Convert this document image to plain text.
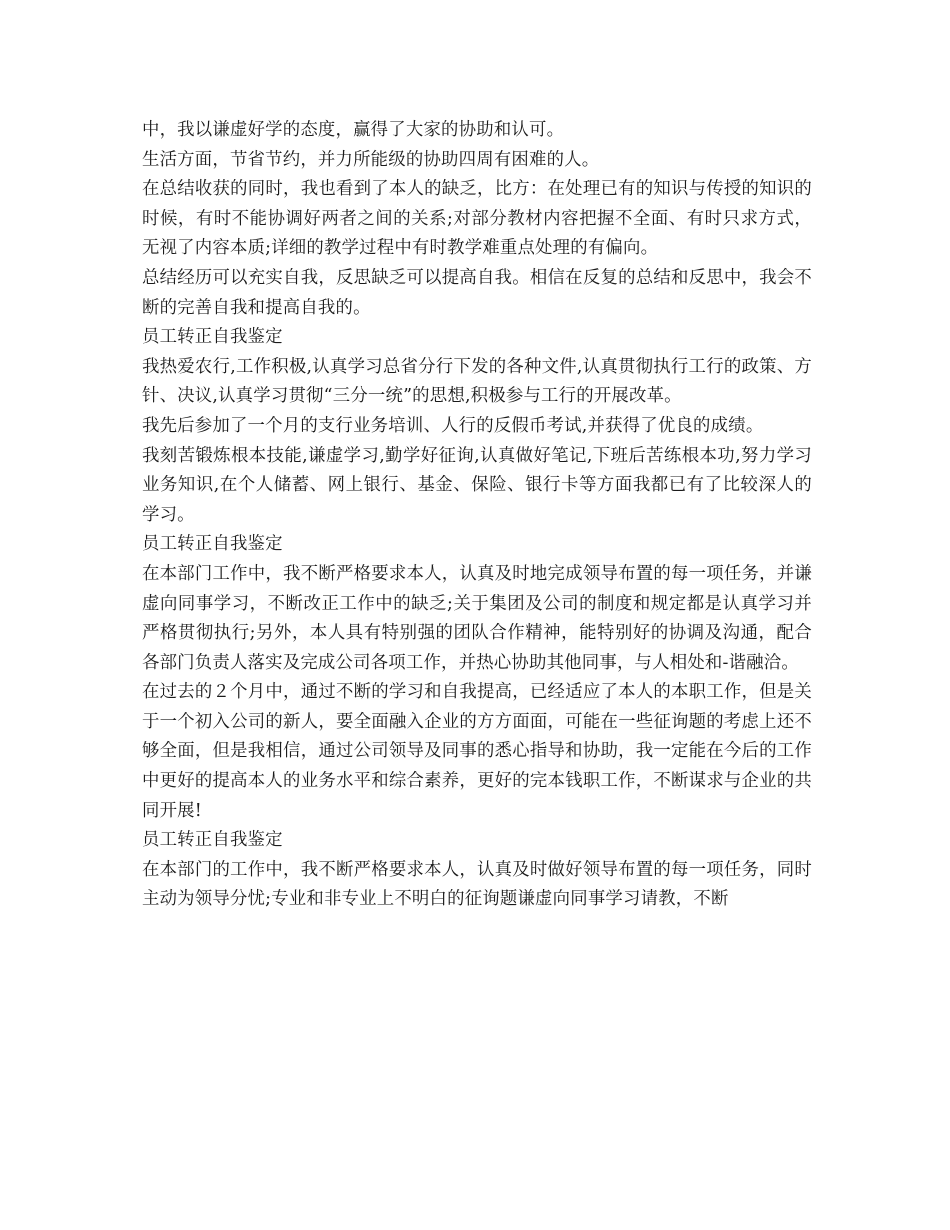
中，我以谦虚好学的态度，赢得了大家的协助和认可。

生活方面，节省节约，并力所能级的协助四周有困难的人。

在总结收获的同时，我也看到了本人的缺乏，比方：在处理已有的知识与传授的知识的时候，有时不能协调好两者之间的关系;对部分教材内容把握不全面、有时只求方式，无视了内容本质;详细的教学过程中有时教学难重点处理的有偏向。

总结经历可以充实自我，反思缺乏可以提高自我。相信在反复的总结和反思中，我会不断的完善自我和提高自我的。

员工转正自我鉴定

我热爱农行,工作积极,认真学习总省分行下发的各种文件,认真贯彻执行工行的政策、方针、决议,认真学习贯彻“三分一统”的思想,积极参与工行的开展改革。

我先后参加了一个月的支行业务培训、人行的反假币考试,并获得了优良的成绩。

我刻苦锻炼根本技能,谦虚学习,勤学好征询,认真做好笔记,下班后苦练根本功,努力学习业务知识,在个人储蓄、网上银行、基金、保险、银行卡等方面我都已有了比较深人的学习。

员工转正自我鉴定

在本部门工作中，我不断严格要求本人，认真及时地完成领导布置的每一项任务，并谦虚向同事学习，不断改正工作中的缺乏;关于集团及公司的制度和规定都是认真学习并严格贯彻执行;另外，本人具有特别强的团队合作精神，能特别好的协调及沟通，配合各部门负责人落实及完成公司各项工作，并热心协助其他同事，与人相处和-谐融洽。

在过去的２个月中，通过不断的学习和自我提高，已经适应了本人的本职工作，但是关于一个初入公司的新人，要全面融入企业的方方面面，可能在一些征询题的考虑上还不够全面，但是我相信，通过公司领导及同事的悉心指导和协助，我一定能在今后的工作中更好的提高本人的业务水平和综合素养，更好的完本钱职工作，不断谋求与企业的共同开展!

员工转正自我鉴定

在本部门的工作中，我不断严格要求本人，认真及时做好领导布置的每一项任务，同时主动为领导分忧;专业和非专业上不明白的征询题谦虚向同事学习请教，不断
